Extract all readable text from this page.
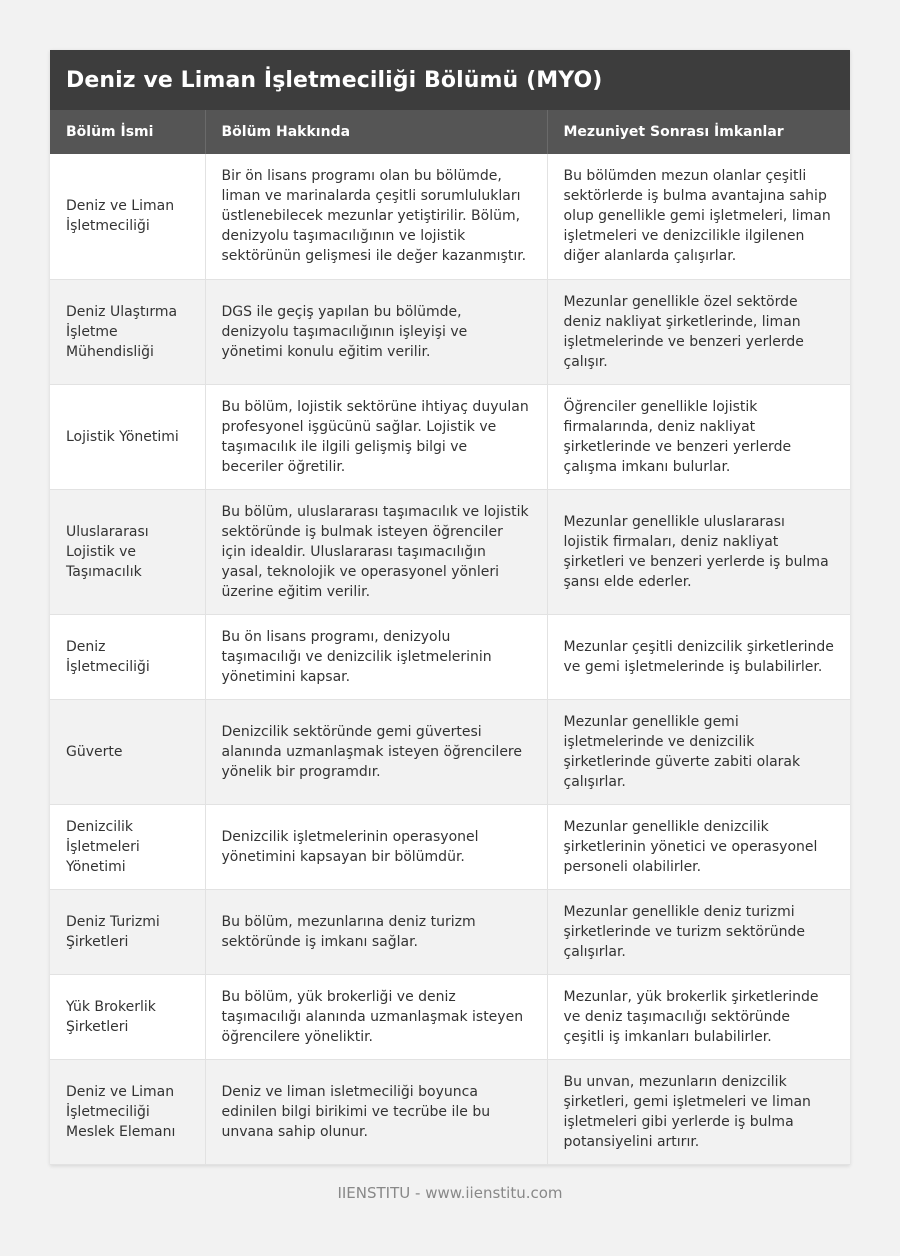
Deniz ve Liman İşletmeciliği Bölümü (MYO)
Bölüm İsmi	Bölüm Hakkında	Mezuniyet Sonrası İmkanlar
Deniz ve Liman İşletmeciliği	Bir ön lisans programı olan bu bölümde, liman ve marinalarda çeşitli sorumlulukları üstlenebilecek mezunlar yetiştirilir. Bölüm, denizyolu taşımacılığının ve lojistik sektörünün gelişmesi ile değer kazanmıştır.	Bu bölümden mezun olanlar çeşitli sektörlerde iş bulma avantajına sahip olup genellikle gemi işletmeleri, liman işletmeleri ve denizcilikle ilgilenen diğer alanlarda çalışırlar.
Deniz Ulaştırma İşletme Mühendisliği	DGS ile geçiş yapılan bu bölümde, denizyolu taşımacılığının işleyişi ve yönetimi konulu eğitim verilir.	Mezunlar genellikle özel sektörde deniz nakliyat şirketlerinde, liman işletmelerinde ve benzeri yerlerde çalışır.
Lojistik Yönetimi	Bu bölüm, lojistik sektörüne ihtiyaç duyulan profesyonel işgücünü sağlar. Lojistik ve taşımacılık ile ilgili gelişmiş bilgi ve beceriler öğretilir.	Öğrenciler genellikle lojistik firmalarında, deniz nakliyat şirketlerinde ve benzeri yerlerde çalışma imkanı bulurlar.
Uluslararası Lojistik ve Taşımacılık	Bu bölüm, uluslararası taşımacılık ve lojistik sektöründe iş bulmak isteyen öğrenciler için idealdir. Uluslararası taşımacılığın yasal, teknolojik ve operasyonel yönleri üzerine eğitim verilir.	Mezunlar genellikle uluslararası lojistik firmaları, deniz nakliyat şirketleri ve benzeri yerlerde iş bulma şansı elde ederler.
Deniz İşletmeciliği	Bu ön lisans programı, denizyolu taşımacılığı ve denizcilik işletmelerinin yönetimini kapsar.	Mezunlar çeşitli denizcilik şirketlerinde ve gemi işletmelerinde iş bulabilirler.
Güverte	Denizcilik sektöründe gemi güvertesi alanında uzmanlaşmak isteyen öğrencilere yönelik bir programdır.	Mezunlar genellikle gemi işletmelerinde ve denizcilik şirketlerinde güverte zabiti olarak çalışırlar.
Denizcilik İşletmeleri Yönetimi	Denizcilik işletmelerinin operasyonel yönetimini kapsayan bir bölümdür.	Mezunlar genellikle denizcilik şirketlerinin yönetici ve operasyonel personeli olabilirler.
Deniz Turizmi Şirketleri	Bu bölüm, mezunlarına deniz turizm sektöründe iş imkanı sağlar.	Mezunlar genellikle deniz turizmi şirketlerinde ve turizm sektöründe çalışırlar.
Yük Brokerlik Şirketleri	Bu bölüm, yük brokerliği ve deniz taşımacılığı alanında uzmanlaşmak isteyen öğrencilere yöneliktir.	Mezunlar, yük brokerlik şirketlerinde ve deniz taşımacılığı sektöründe çeşitli iş imkanları bulabilirler.
Deniz ve Liman İşletmeciliği Meslek Elemanı	Deniz ve liman isletmeciliği boyunca edinilen bilgi birikimi ve tecrübe ile bu unvana sahip olunur.	Bu unvan, mezunların denizcilik şirketleri, gemi işletmeleri ve liman işletmeleri gibi yerlerde iş bulma potansiyelini artırır.
IIENSTITU - www.iienstitu.com
